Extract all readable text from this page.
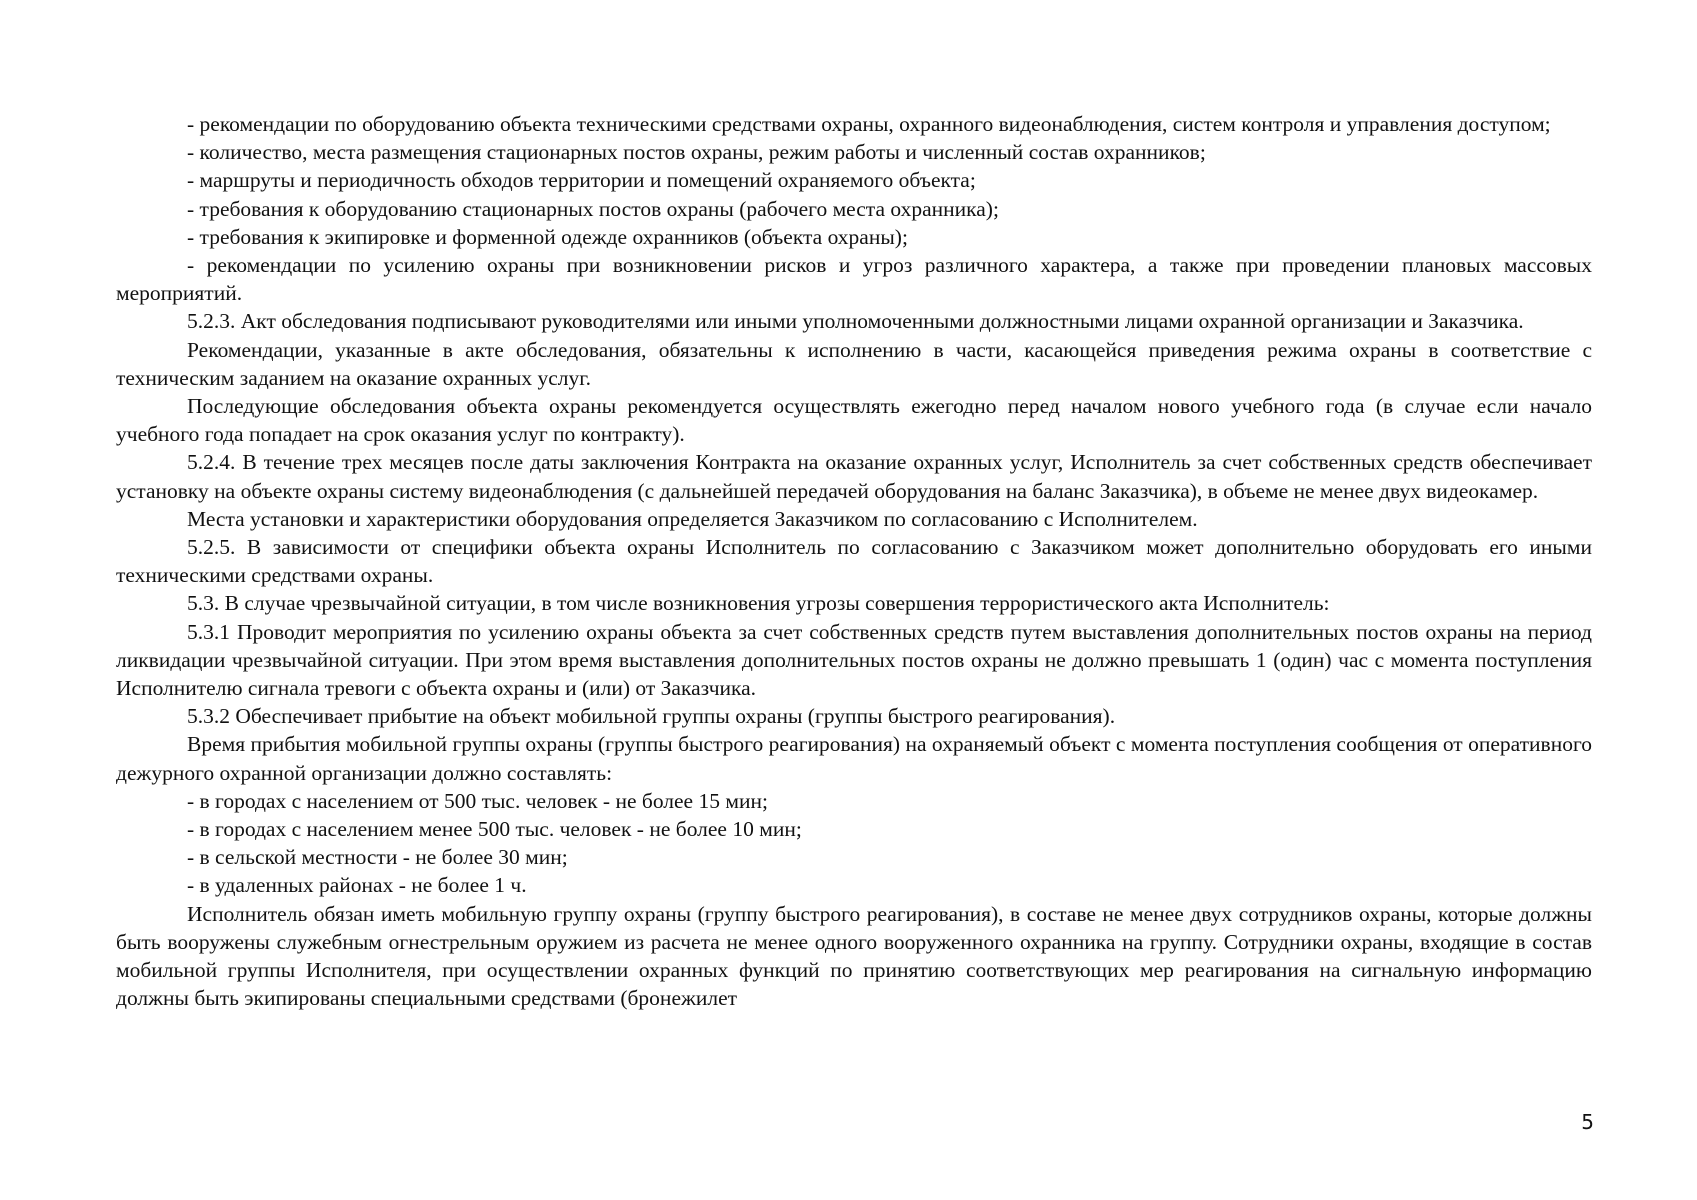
- рекомендации по оборудованию объекта техническими средствами охраны, охранного видеонаблюдения, систем контроля и управления доступом;

- количество, места размещения стационарных постов охраны, режим работы и численный состав охранников;

- маршруты и периодичность обходов территории и помещений охраняемого объекта;

- требования к оборудованию стационарных постов охраны (рабочего места охранника);

- требования к экипировке и форменной одежде охранников (объекта охраны);

- рекомендации по усилению охраны при возникновении рисков и угроз различного характера, а также при проведении плановых массовых мероприятий.

5.2.3. Акт обследования подписывают руководителями или иными уполномоченными должностными лицами охранной организации и Заказчика.

Рекомендации, указанные в акте обследования, обязательны к исполнению в части, касающейся приведения режима охраны в соответствие с техническим заданием на оказание охранных услуг.

Последующие обследования объекта охраны рекомендуется осуществлять ежегодно перед началом нового учебного года (в случае если начало учебного года попадает на срок оказания услуг по контракту).

5.2.4. В течение трех месяцев после даты заключения Контракта на оказание охранных услуг, Исполнитель за счет собственных средств обеспечивает установку на объекте охраны систему видеонаблюдения (с дальнейшей передачей оборудования на баланс Заказчика), в объеме не менее двух видеокамер.

Места установки и характеристики оборудования определяется Заказчиком по согласованию с Исполнителем.

5.2.5. В зависимости от специфики объекта охраны Исполнитель по согласованию с Заказчиком может дополнительно оборудовать его иными техническими средствами охраны.

5.3. В случае чрезвычайной ситуации, в том числе возникновения угрозы совершения террористического акта Исполнитель:

5.3.1 Проводит мероприятия по усилению охраны объекта за счет собственных средств путем выставления дополнительных постов охраны на период ликвидации чрезвычайной ситуации. При этом время выставления дополнительных постов охраны не должно превышать 1 (один) час с момента поступления Исполнителю сигнала тревоги с объекта охраны и (или) от Заказчика.

5.3.2 Обеспечивает прибытие на объект мобильной группы охраны (группы быстрого реагирования).

Время прибытия мобильной группы охраны (группы быстрого реагирования) на охраняемый объект с момента поступления сообщения от оперативного дежурного охранной организации должно составлять:

- в городах с населением от 500 тыс. человек - не более 15 мин;

- в городах с населением менее 500 тыс. человек - не более 10 мин;

- в сельской местности - не более 30 мин;

- в удаленных районах - не более 1 ч.

Исполнитель обязан иметь мобильную группу охраны (группу быстрого реагирования), в составе не менее двух сотрудников охраны, которые должны быть вооружены служебным огнестрельным оружием из расчета не менее одного вооруженного охранника на группу. Сотрудники охраны, входящие в состав мобильной группы Исполнителя, при осуществлении охранных функций по принятию соответствующих мер реагирования на сигнальную информацию должны быть экипированы специальными средствами (бронежилет

5
